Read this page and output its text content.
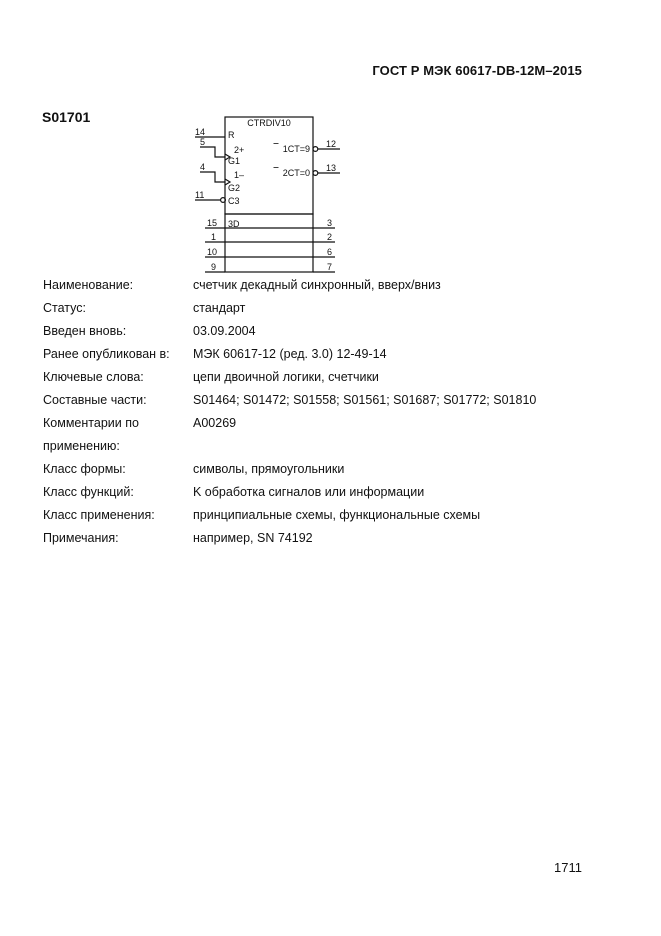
ГОСТ Р МЭК 60617-DB-12M–2015
S01701	CTRDIV10
R
2+
G1
1–
G2
C3
1CT=9
2CT=0
14
5
4
11
12
13
3D
15
1
10
9
3
2
6
7
Наименование:	счетчик декадный синхронный, вверх/вниз
Статус:	стандарт
Введен вновь:	03.09.2004
Ранее опубликован в:	МЭК 60617-12 (ред. 3.0) 12-49-14
Ключевые слова:	цепи двоичной логики, счетчики
Составные части:	S01464; S01472; S01558; S01561; S01687; S01772; S01810
Комментарии по	A00269
применению:
Класс формы:	символы, прямоугольники
Класс функций:	K обработка сигналов или информации
Класс применения:	принципиальные схемы, функциональные схемы
Примечания:	например, SN 74192
1711
